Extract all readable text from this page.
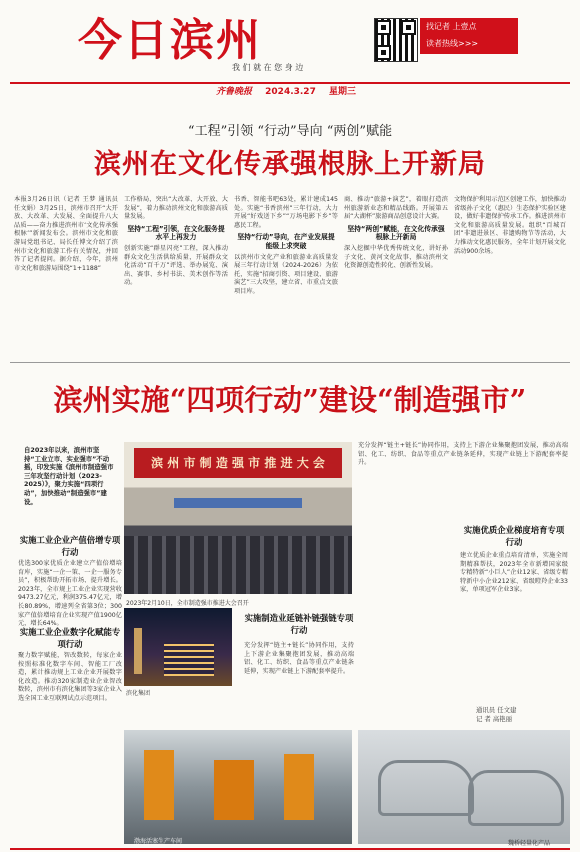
今日滨州
我 们 就 在 您 身 边
找记者 上壹点
读者热线>>>
齐鲁晚报 2024.3.27 星期三
“工程”引领 “行动”导向 “两创”赋能
滨州在文化传承强根脉上开新局
本报3月26日讯（记者 王梦 通讯员 任文娟）3月25日，滨州市召开“大开放、大改革、大发展、全面提升八大品质——奋力推进滨州市‘文化传承强根脉’”新闻发布会。滨州市文化和旅游局党组书记、局长任博文介绍了滨州市文化和旅游工作有关情况，并回答了记者提问。据介绍，今年，滨州市文化和旅游局围绕“1+1188”
工作格局，突出“大改革、大开放、大发展”，着力推动滨州文化和旅游高质量发展。
坚持“工程”引领，在文化服务提水平上再发力
创新实施“群星闪亮”工程，深入推动群众文化生活供给质量，开展群众文化活动“百千万”评选、举办展览、演出、赛事、乡村书法、美术创作等活动。
书香、智能书吧63处，累计建成145处。实施“书香滨州”三年行动，大力开展“好戏送下乡”“万场电影下乡”等惠民工程。
坚持“行动”导向，在产业发展提能级上求突破
以滨州市文化产业和旅游业高质量发展三年行动计划（2024-2026）为依托，实施“招商引资、项目建设、旅游演艺”三大攻坚，建立省、市重点文旅项目库。
商、推动“旅游+演艺”，着眼打造滨州旅游新业态和精品线路。开展第五届“大湖杯”旅游商品创意设计大赛。
坚持“两创”赋能，在文化传承强根脉上开新局
深入挖掘中华优秀传统文化，讲好孙子文化、黄河文化故事，推动滨州文化资源创造性转化、创新性发展。
文物保护利用示范区创建工作，加快推动省级孙子文化（惠民）生态保护实验区建设，做好非遗保护传承工作。推进滨州市文化和旅游高质量发展。组织“百城百团”非遗进景区、非遗购物节等活动，大力推动文化惠民服务，全年计划开展文化活动900余场。
滨州实施“四项行动”建设“制造强市”
自2023年以来，滨州市坚持“工业立市、实业强市”不动摇，印发实施《滨州市制造强市三年攻坚行动计划（2023-2025）》，聚力实施“四项行动”，加快推动“制造强市”建设。
实施工业企业产值倍增专项行动
优选300家优质企业建立产值倍增培育库，实施“一企一策、一企一服务专员”，积极帮助开拓市场、提升增长。2023年，全市规上工业企业实现营收9473.27亿元，利润375.47亿元，增长80.89%，增速列全省第3位；300家产值倍增培育企业实现产值1900亿元，增长64%。
实施工业企业数字化赋能专项行动
聚力数字赋能，智改数转，每家企业按照标准化数字车间、智能工厂改造，累计推动规上工业企业开展数字化改造。推动320家制造业企业智改数转，滨州市有滨化集团等3家企业入选全国工业互联网试点示范项目。
滨 州 市 制 造 强 市 推 进 大 会
2023年2月10日，全市制造强市推进大会召开
滨化集团
实施制造业延链补链强链专项行动
充分发挥“链主+链长”协同作用，支持上下游企业集聚抱团发展，推动高端铝、化工、纺织、食品等重点产业链条延伸，实现产业链上下游配套率提升。
渤海活塞生产车间
充分发挥“链主+链长”协同作用，支持上下游企业集聚抱团发展，推动高端铝、化工、纺织、食品等重点产业链条延伸，实现产业链上下游配套率提升。
实施优质企业梯度培育专项行动
建立优质企业重点培育清单，实施全周期精准帮扶，2023年全市新增国家级专精特新“小巨人”企业12家、省级专精特新中小企业212家、省级瞪羚企业33家，单项冠军企业3家。
通讯员 任文建
记 者 高艳丽
魏桥轻量化产品
